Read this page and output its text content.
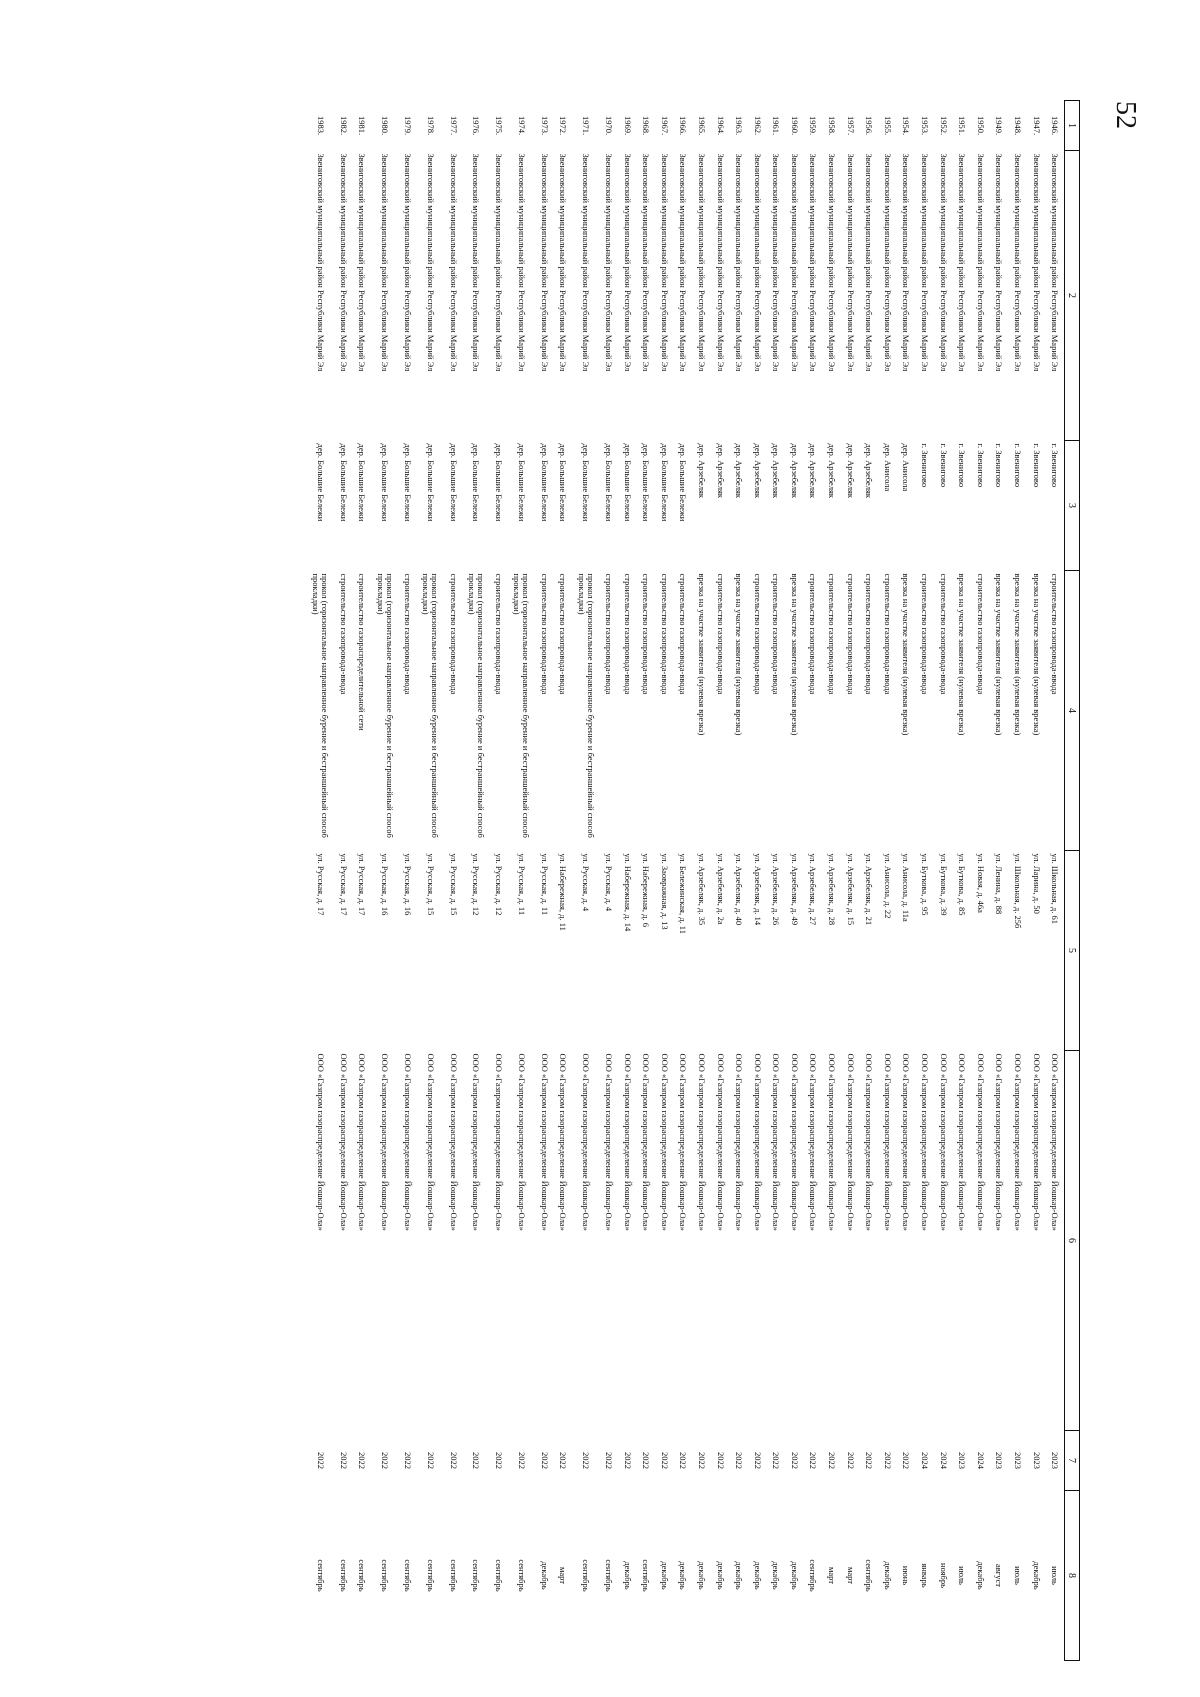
52
1	2	3	4	5	6	7	8
1946.	Звениговский муниципальный район Республики Марий Эл	г. Звенигово	строительство газопровода-ввода	ул. Школьная, д. 61	ООО «Газпром газораспределение Йошкар-Ола»	2023	июль
1947.	Звениговский муниципальный район Республики Марий Эл	г. Звенигово	врезка на участке заявителя (нулевая врезка)	ул. Ларина, д. 50	ООО «Газпром газораспределение Йошкар-Ола»	2023	декабрь
1948.	Звениговский муниципальный район Республики Марий Эл	г. Звенигово	врезка на участке заявителя (нулевая врезка)	ул. Школьная, д. 25б	ООО «Газпром газораспределение Йошкар-Ола»	2023	июль
1949.	Звениговский муниципальный район Республики Марий Эл	г. Звенигово	врезка на участке заявителя (нулевая врезка)	ул. Ленина, д. 88	ООО «Газпром газораспределение Йошкар-Ола»	2023	август
1950.	Звениговский муниципальный район Республики Марий Эл	г. Звенигово	строительство газопровода-ввода	ул. Новая, д. 46а	ООО «Газпром газораспределение Йошкар-Ола»	2024	декабрь
1951.	Звениговский муниципальный район Республики Марий Эл	г. Звенигово	врезка на участке заявителя (нулевая врезка)	ул. Буткова, д. 85	ООО «Газпром газораспределение Йошкар-Ола»	2023	июль
1952.	Звениговский муниципальный район Республики Марий Эл	г. Звенигово	строительство газопровода-ввода	ул. Буткова, д. 39	ООО «Газпром газораспределение Йошкар-Ола»	2024	ноябрь
1953.	Звениговский муниципальный район Республики Марий Эл	г. Звенигово	строительство газопровода-ввода	ул. Буткова, д. 95	ООО «Газпром газораспределение Йошкар-Ола»	2024	январь
1954.	Звениговский муниципальный район Республики Марий Эл	дер. Анисола	врезка на участке заявителя (нулевая врезка)	ул. Анисола, д. 11а	ООО «Газпром газораспределение Йошкар-Ола»	2022	июнь
1955.	Звениговский муниципальный район Республики Марий Эл	дер. Анисола	строительство газопровода-ввода	ул. Анисола, д. 22	ООО «Газпром газораспределение Йошкар-Ола»	2022	декабрь
1956.	Звениговский муниципальный район Республики Марий Эл	дер. Арзебеляк	строительство газопровода-ввода	ул. Арзебеляк, д. 21	ООО «Газпром газораспределение Йошкар-Ола»	2022	сентябрь
1957.	Звениговский муниципальный район Республики Марий Эл	дер. Арзебеляк	строительство газопровода-ввода	ул. Арзебеляк, д. 15	ООО «Газпром газораспределение Йошкар-Ола»	2022	март
1958.	Звениговский муниципальный район Республики Марий Эл	дер. Арзебеляк	строительство газопровода-ввода	ул. Арзебеляк, д. 28	ООО «Газпром газораспределение Йошкар-Ола»	2022	март
1959.	Звениговский муниципальный район Республики Марий Эл	дер. Арзебеляк	строительство газопровода-ввода	ул. Арзебеляк, д. 27	ООО «Газпром газораспределение Йошкар-Ола»	2022	сентябрь
1960.	Звениговский муниципальный район Республики Марий Эл	дер. Арзебеляк	врезка на участке заявителя (нулевая врезка)	ул. Арзебеляк, д. 49	ООО «Газпром газораспределение Йошкар-Ола»	2022	декабрь
1961.	Звениговский муниципальный район Республики Марий Эл	дер. Арзебеляк	строительство газопровода-ввода	ул. Арзебеляк, д. 26	ООО «Газпром газораспределение Йошкар-Ола»	2022	декабрь
1962.	Звениговский муниципальный район Республики Марий Эл	дер. Арзебеляк	строительство газопровода-ввода	ул. Арзебеляк, д. 14	ООО «Газпром газораспределение Йошкар-Ола»	2022	декабрь
1963.	Звениговский муниципальный район Республики Марий Эл	дер. Арзебеляк	врезка на участке заявителя (нулевая врезка)	ул. Арзебеляк, д. 40	ООО «Газпром газораспределение Йошкар-Ола»	2022	декабрь
1964.	Звениговский муниципальный район Республики Марий Эл	дер. Арзебеляк	строительство газопровода-ввода	ул. Арзебеляк, д. 2а	ООО «Газпром газораспределение Йошкар-Ола»	2022	декабрь
1965.	Звениговский муниципальный район Республики Марий Эл	дер. Арзебеляк	врезка на участке заявителя (нулевая врезка)	ул. Арзебеляк, д. 35	ООО «Газпром газораспределение Йошкар-Ола»	2022	декабрь
1966.	Звениговский муниципальный район Республики Марий Эл	дер. Большие Бележи	строительство газопровода-ввода	ул. Бележинская, д. 11	ООО «Газпром газораспределение Йошкар-Ола»	2022	декабрь
1967.	Звениговский муниципальный район Республики Марий Эл	дер. Большие Бележи	строительство газопровода-ввода	ул. Заовражная, д. 13	ООО «Газпром газораспределение Йошкар-Ола»	2022	декабрь
1968.	Звениговский муниципальный район Республики Марий Эл	дер. Большие Бележи	строительство газопровода-ввода	ул. Набережная, д. 6	ООО «Газпром газораспределение Йошкар-Ола»	2022	сентябрь
1969.	Звениговский муниципальный район Республики Марий Эл	дер. Большие Бележи	строительство газопровода-ввода	ул. Набережная, д. 14	ООО «Газпром газораспределение Йошкар-Ола»	2022	декабрь
1970.	Звениговский муниципальный район Республики Марий Эл	дер. Большие Бележи	строительство газопровода-ввода	ул. Русская, д. 4	ООО «Газпром газораспределение Йошкар-Ола»	2022	сентябрь
1971.	Звениговский муниципальный район Республики Марий Эл	дер. Большие Бележи	прокол (горизонтальное направленное бурение и бестраншейный способ прокладки)	ул. Русская, д. 4	ООО «Газпром газораспределение Йошкар-Ола»	2022	сентябрь
1972.	Звениговский муниципальный район Республики Марий Эл	дер. Большие Бележи	строительство газопровода-ввода	ул. Набережная, д. 11	ООО «Газпром газораспределение Йошкар-Ола»	2022	март
1973.	Звениговский муниципальный район Республики Марий Эл	дер. Большие Бележи	строительство газопровода-ввода	ул. Русская, д. 11	ООО «Газпром газораспределение Йошкар-Ола»	2022	декабрь
1974.	Звениговский муниципальный район Республики Марий Эл	дер. Большие Бележи	прокол (горизонтальное направленное бурение и бестраншейный способ прокладки)	ул. Русская, д. 11	ООО «Газпром газораспределение Йошкар-Ола»	2022	сентябрь
1975.	Звениговский муниципальный район Республики Марий Эл	дер. Большие Бележи	строительство газопровода-ввода	ул. Русская, д. 12	ООО «Газпром газораспределение Йошкар-Ола»	2022	сентябрь
1976.	Звениговский муниципальный район Республики Марий Эл	дер. Большие Бележи	прокол (горизонтальное направленное бурение и бестраншейный способ прокладки)	ул. Русская, д. 12	ООО «Газпром газораспределение Йошкар-Ола»	2022	сентябрь
1977.	Звениговский муниципальный район Республики Марий Эл	дер. Большие Бележи	строительство газопровода-ввода	ул. Русская, д. 15	ООО «Газпром газораспределение Йошкар-Ола»	2022	сентябрь
1978.	Звениговский муниципальный район Республики Марий Эл	дер. Большие Бележи	прокол (горизонтальное направленное бурение и бестраншейный способ прокладки)	ул. Русская, д. 15	ООО «Газпром газораспределение Йошкар-Ола»	2022	сентябрь
1979.	Звениговский муниципальный район Республики Марий Эл	дер. Большие Бележи	строительство газопровода-ввода	ул. Русская, д. 16	ООО «Газпром газораспределение Йошкар-Ола»	2022	сентябрь
1980.	Звениговский муниципальный район Республики Марий Эл	дер. Большие Бележи	прокол (горизонтальное направленное бурение и бестраншейный способ прокладки)	ул. Русская, д. 16	ООО «Газпром газораспределение Йошкар-Ола»	2022	сентябрь
1981.	Звениговский муниципальный район Республики Марий Эл	дер. Большие Бележи	строительство газораспределительной сети	ул. Русская, д. 17	ООО «Газпром газораспределение Йошкар-Ола»	2022	сентябрь
1982.	Звениговский муниципальный район Республики Марий Эл	дер. Большие Бележи	строительство газопровода-ввода	ул. Русская, д. 17	ООО «Газпром газораспределение Йошкар-Ола»	2022	сентябрь
1983.	Звениговский муниципальный район Республики Марий Эл	дер. Большие Бележи	прокол (горизонтальное направленное бурение и бестраншейный способ прокладки)	ул. Русская, д. 17	ООО «Газпром газораспределение Йошкар-Ола»	2022	сентябрь
